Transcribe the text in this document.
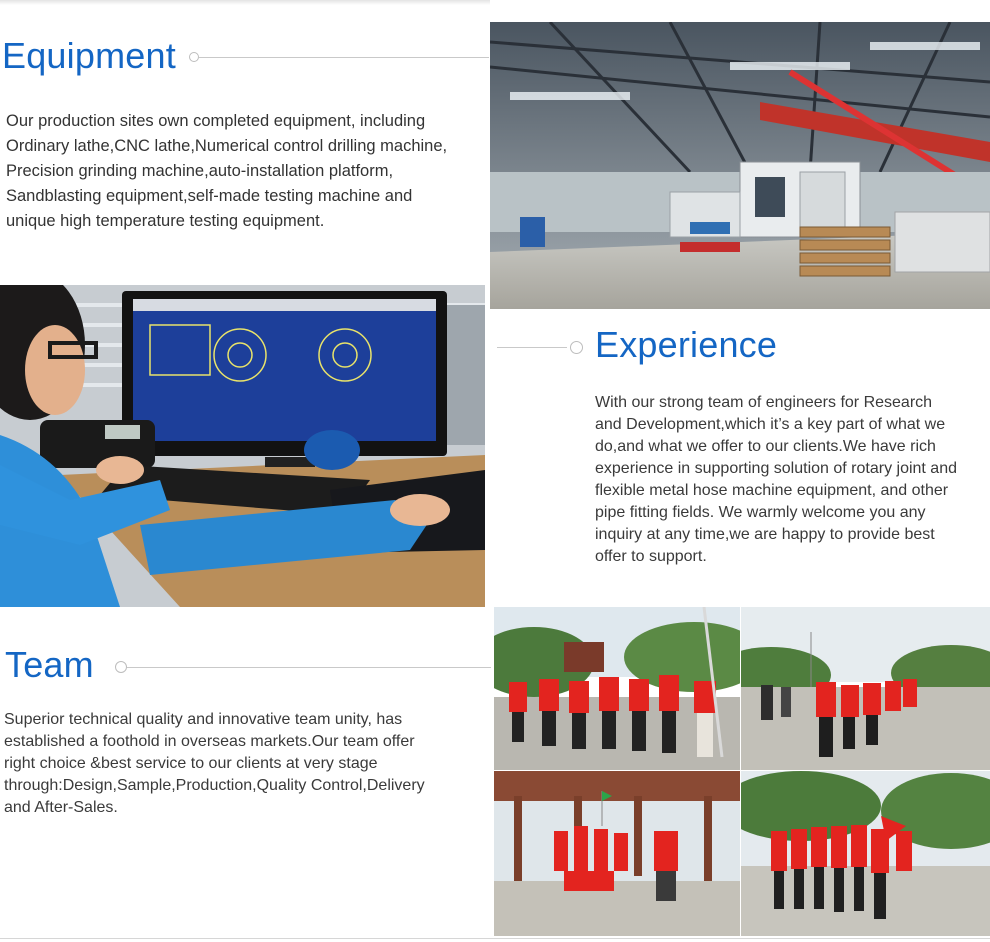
Equipment

Our production sites own completed equipment, including

Ordinary lathe,CNC lathe,Numerical control drilling machine,

Precision grinding machine,auto-installation platform,

Sandblasting equipment,self-made testing machine and

unique high temperature testing equipment.

Experience

With our strong team of engineers for Research

and Development,which it’s a key part of what we

do,and what we offer to our clients.We have rich

experience in supporting solution of rotary joint and

flexible metal hose machine equipment, and other

pipe fitting fields. We warmly welcome you any

inquiry at any time,we are happy to provide best

offer to support.

Team

Superior technical quality and innovative team unity, has

established a foothold in overseas markets.Our team offer

right choice &best service to our clients at very stage

through:Design,Sample,Production,Quality Control,Delivery

and After-Sales.
